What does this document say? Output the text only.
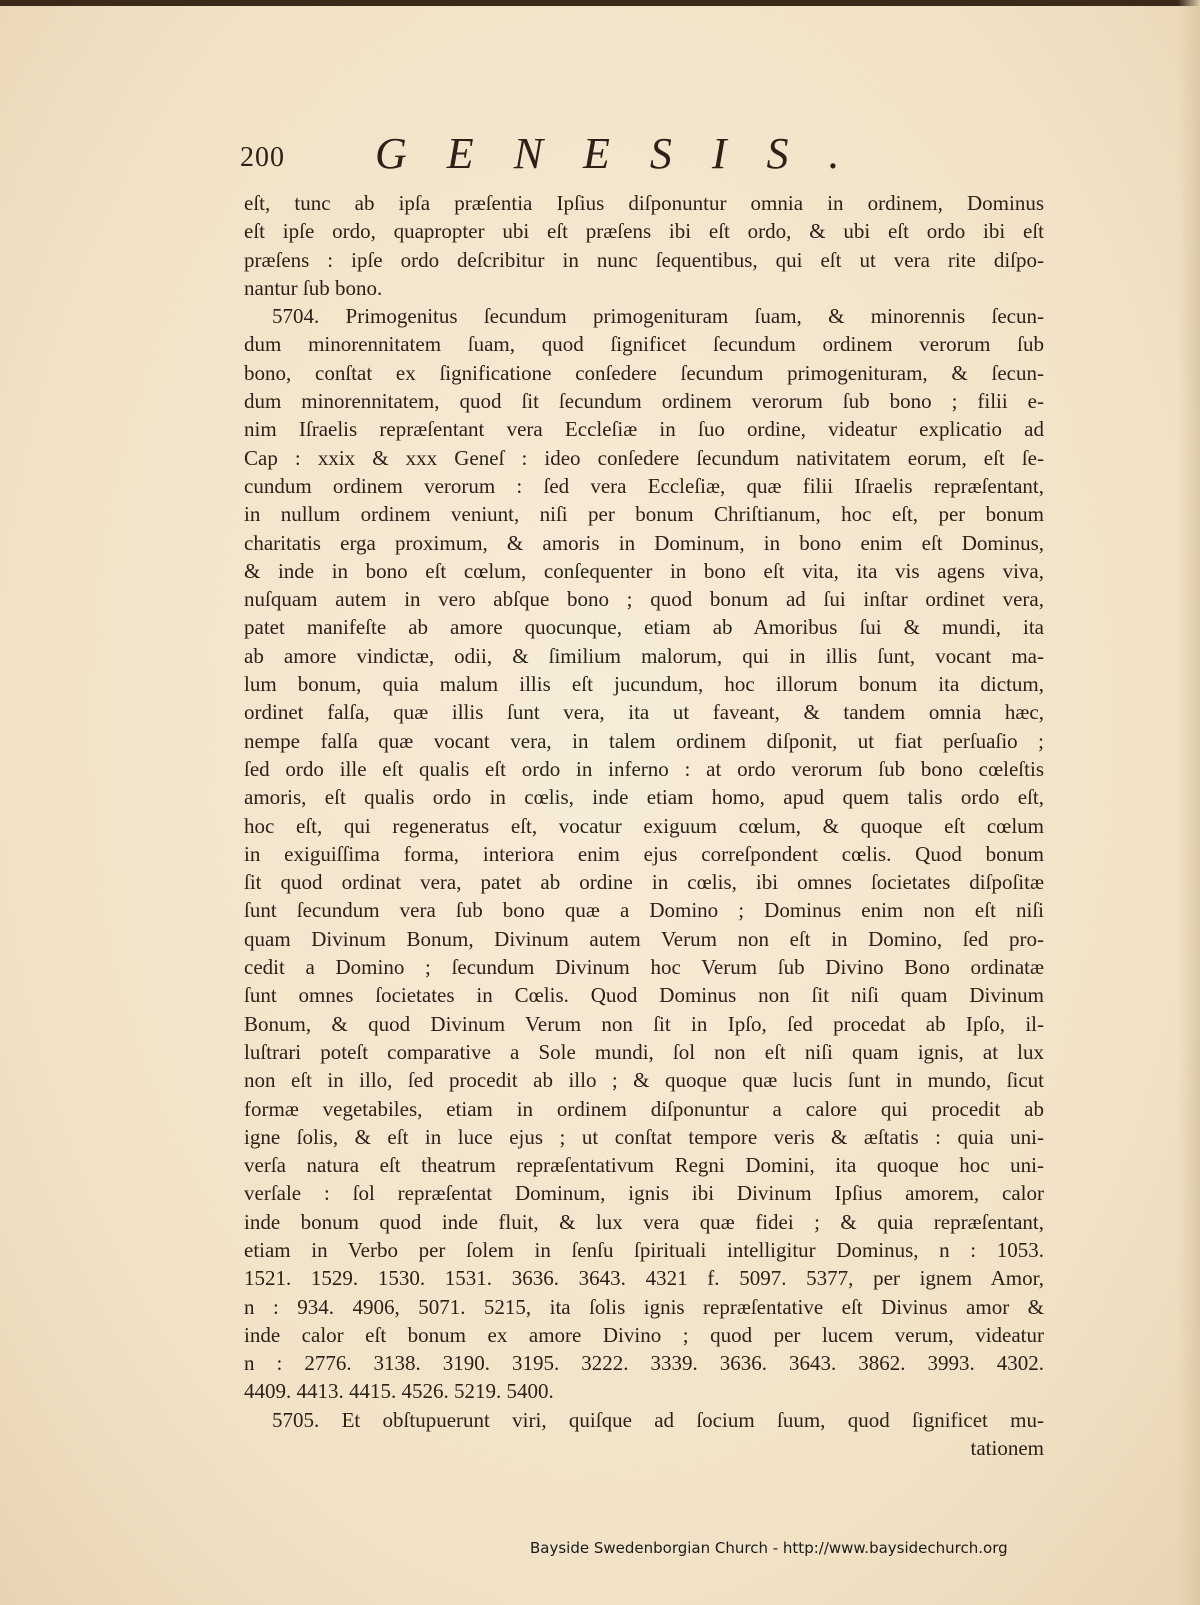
200 GENESIS.
eſt, tunc ab ipſa præſentia Ipſius diſponuntur omnia in ordinem, Dominus
eſt ipſe ordo, quapropter ubi eſt præſens ibi eſt ordo, & ubi eſt ordo ibi eſt
præſens : ipſe ordo deſcribitur in nunc ſequentibus, qui eſt ut vera rite diſpo-
nantur ſub bono.
5704. Primogenitus ſecundum primogenituram ſuam, & minorennis ſecun-
dum minorennitatem ſuam, quod ſignificet ſecundum ordinem verorum ſub
bono, conſtat ex ſignificatione conſedere ſecundum primogenituram, & ſecun-
dum minorennitatem, quod ſit ſecundum ordinem verorum ſub bono ; filii e-
nim Iſraelis repræſentant vera Eccleſiæ in ſuo ordine, videatur explicatio ad
Cap : xxix & xxx Geneſ : ideo conſedere ſecundum nativitatem eorum, eſt ſe-
cundum ordinem verorum : ſed vera Eccleſiæ, quæ filii Iſraelis repræſentant,
in nullum ordinem veniunt, niſi per bonum Chriſtianum, hoc eſt, per bonum
charitatis erga proximum, & amoris in Dominum, in bono enim eſt Dominus,
& inde in bono eſt cœlum, conſequenter in bono eſt vita, ita vis agens viva,
nuſquam autem in vero abſque bono ; quod bonum ad ſui inſtar ordinet vera,
patet manifeſte ab amore quocunque, etiam ab Amoribus ſui & mundi, ita
ab amore vindictæ, odii, & ſimilium malorum, qui in illis ſunt, vocant ma-
lum bonum, quia malum illis eſt jucundum, hoc illorum bonum ita dictum,
ordinet falſa, quæ illis ſunt vera, ita ut faveant, & tandem omnia hæc,
nempe falſa quæ vocant vera, in talem ordinem diſponit, ut fiat perſuaſio ;
ſed ordo ille eſt qualis eſt ordo in inferno : at ordo verorum ſub bono cœleſtis
amoris, eſt qualis ordo in cœlis, inde etiam homo, apud quem talis ordo eſt,
hoc eſt, qui regeneratus eſt, vocatur exiguum cœlum, & quoque eſt cœlum
in exiguiſſima forma, interiora enim ejus correſpondent cœlis. Quod bonum
ſit quod ordinat vera, patet ab ordine in cœlis, ibi omnes ſocietates diſpoſitæ
ſunt ſecundum vera ſub bono quæ a Domino ; Dominus enim non eſt niſi
quam Divinum Bonum, Divinum autem Verum non eſt in Domino, ſed pro-
cedit a Domino ; ſecundum Divinum hoc Verum ſub Divino Bono ordinatæ
ſunt omnes ſocietates in Cœlis. Quod Dominus non ſit niſi quam Divinum
Bonum, & quod Divinum Verum non ſit in Ipſo, ſed procedat ab Ipſo, il-
luſtrari poteſt comparative a Sole mundi, ſol non eſt niſi quam ignis, at lux
non eſt in illo, ſed procedit ab illo ; & quoque quæ lucis ſunt in mundo, ſicut
formæ vegetabiles, etiam in ordinem diſponuntur a calore qui procedit ab
igne ſolis, & eſt in luce ejus ; ut conſtat tempore veris & æſtatis : quia uni-
verſa natura eſt theatrum repræſentativum Regni Domini, ita quoque hoc uni-
verſale : ſol repræſentat Dominum, ignis ibi Divinum Ipſius amorem, calor
inde bonum quod inde fluit, & lux vera quæ fidei ; & quia repræſentant,
etiam in Verbo per ſolem in ſenſu ſpirituali intelligitur Dominus, n : 1053.
1521. 1529. 1530. 1531. 3636. 3643. 4321 f. 5097. 5377, per ignem Amor,
n : 934. 4906, 5071. 5215, ita ſolis ignis repræſentative eſt Divinus amor &
inde calor eſt bonum ex amore Divino ; quod per lucem verum, videatur
n : 2776. 3138. 3190. 3195. 3222. 3339. 3636. 3643. 3862. 3993. 4302.
4409. 4413. 4415. 4526. 5219. 5400.
5705. Et obſtupuerunt viri, quiſque ad ſocium ſuum, quod ſignificet mu-
tationem
Bayside Swedenborgian Church - http://www.baysidechurch.org
